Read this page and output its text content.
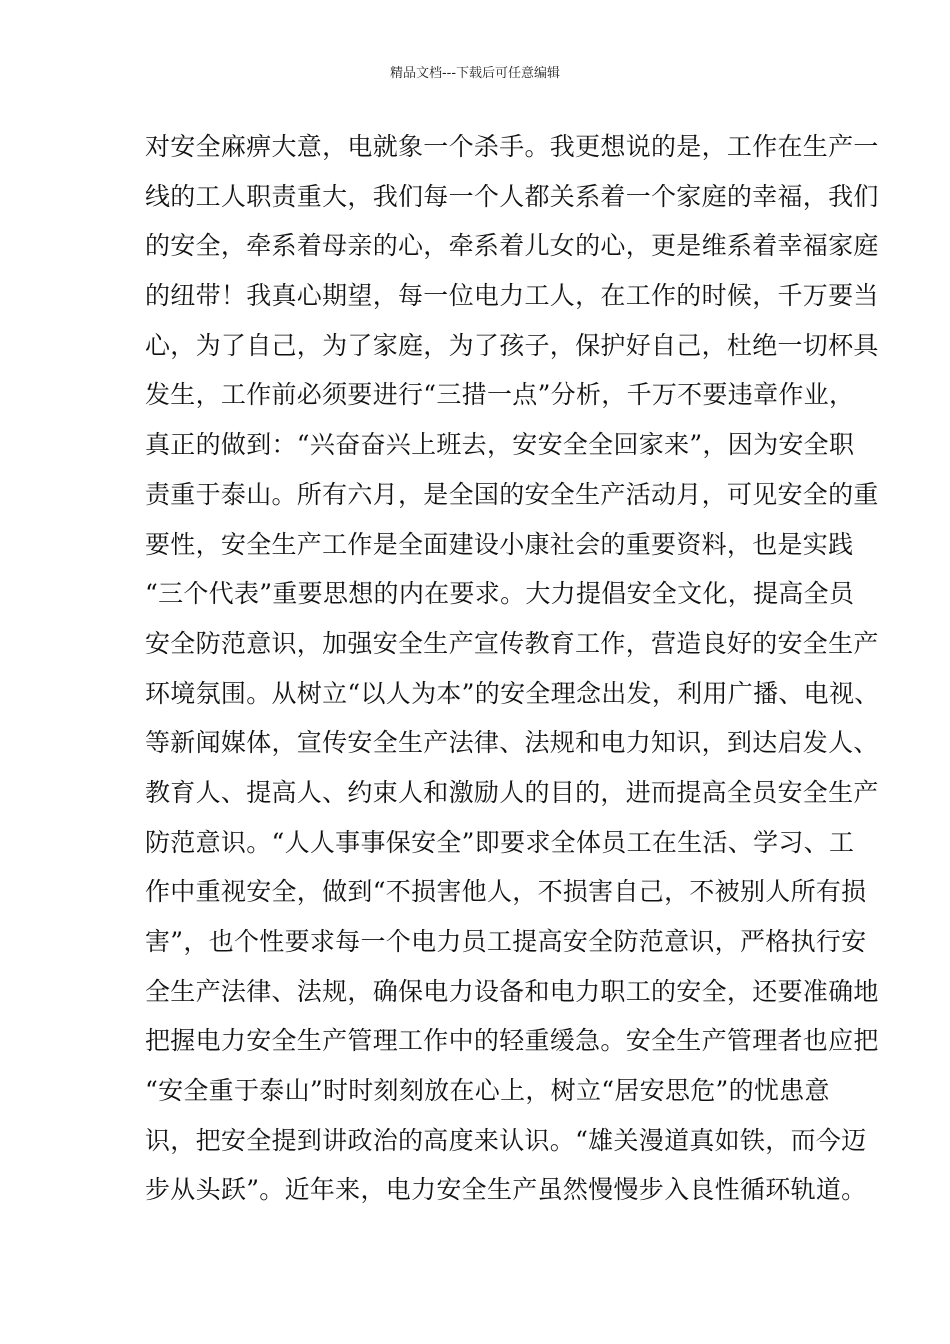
精品文档---下载后可任意编辑
对安全麻痹大意，电就象一个杀手。我更想说的是，工作在生产一
线的工人职责重大，我们每一个人都关系着一个家庭的幸福，我们
的安全，牵系着母亲的心，牵系着儿女的心，更是维系着幸福家庭
的纽带！我真心期望，每一位电力工人，在工作的时候，千万要当
心，为了自己，为了家庭，为了孩子，保护好自己，杜绝一切杯具
发生，工作前必须要进行“三措一点”分析，千万不要违章作业，
真正的做到：“兴奋奋兴上班去，安安全全回家来”，因为安全职
责重于泰山。所有六月，是全国的安全生产活动月，可见安全的重
要性，安全生产工作是全面建设小康社会的重要资料，也是实践
“三个代表”重要思想的内在要求。大力提倡安全文化，提高全员
安全防范意识，加强安全生产宣传教育工作，营造良好的安全生产
环境氛围。从树立“以人为本”的安全理念出发，利用广播、电视、
等新闻媒体，宣传安全生产法律、法规和电力知识，到达启发人、
教育人、提高人、约束人和激励人的目的，进而提高全员安全生产
防范意识。“人人事事保安全”即要求全体员工在生活、学习、工
作中重视安全，做到“不损害他人，不损害自己，不被别人所有损
害”，也个性要求每一个电力员工提高安全防范意识，严格执行安
全生产法律、法规，确保电力设备和电力职工的安全，还要准确地
把握电力安全生产管理工作中的轻重缓急。安全生产管理者也应把
“安全重于泰山”时时刻刻放在心上，树立“居安思危”的忧患意
识，把安全提到讲政治的高度来认识。“雄关漫道真如铁，而今迈
步从头跃”。近年来，电力安全生产虽然慢慢步入良性循环轨道。
